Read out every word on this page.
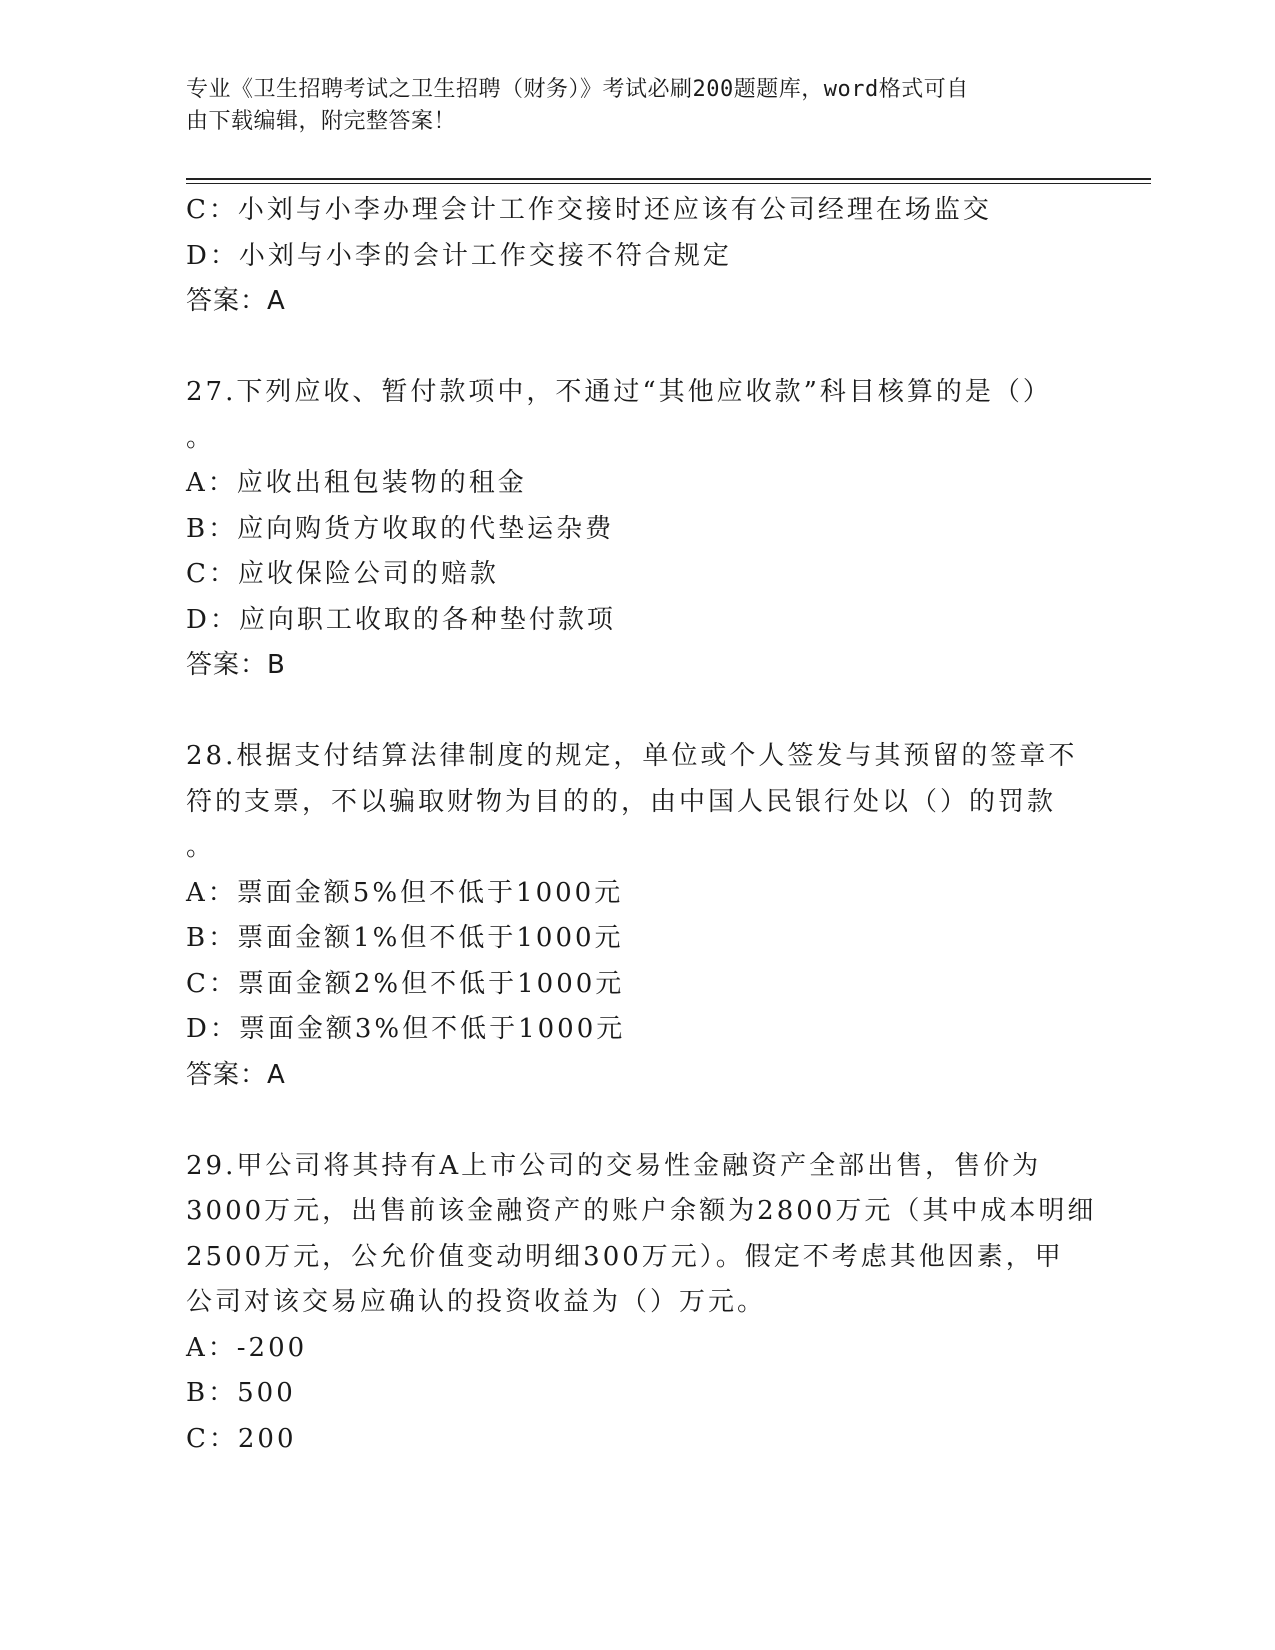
专业《卫生招聘考试之卫生招聘（财务）》考试必刷200题题库，word格式可自
由下载编辑，附完整答案！
C：小刘与小李办理会计工作交接时还应该有公司经理在场监交
D：小刘与小李的会计工作交接不符合规定
答案：A
27.下列应收、暂付款项中，不通过“其他应收款”科目核算的是（）
。
A：应收出租包装物的租金
B：应向购货方收取的代垫运杂费
C：应收保险公司的赔款
D：应向职工收取的各种垫付款项
答案：B
28.根据支付结算法律制度的规定，单位或个人签发与其预留的签章不
符的支票，不以骗取财物为目的的，由中国人民银行处以（）的罚款
。
A：票面金额5%但不低于1000元
B：票面金额1%但不低于1000元
C：票面金额2%但不低于1000元
D：票面金额3%但不低于1000元
答案：A
29.甲公司将其持有A上市公司的交易性金融资产全部出售，售价为
3000万元，出售前该金融资产的账户余额为2800万元（其中成本明细
2500万元，公允价值变动明细300万元）。假定不考虑其他因素，甲
公司对该交易应确认的投资收益为（）万元。
A：-200
B：500
C：200
